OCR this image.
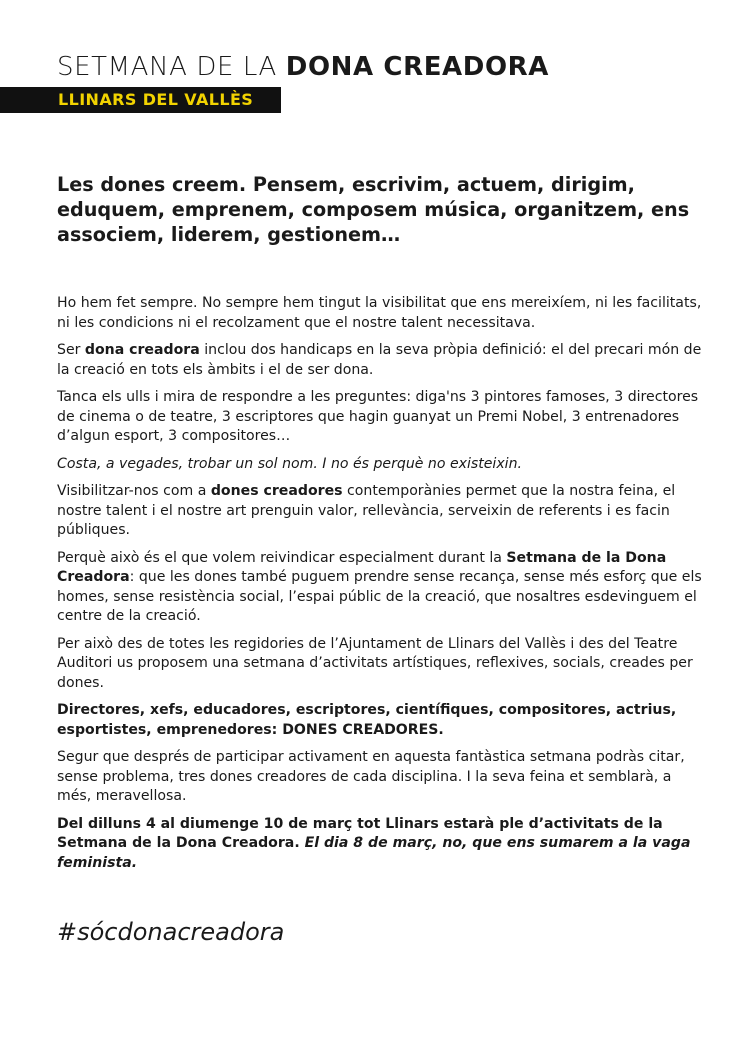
SETMANA DE LA DONA CREADORA
LLINARS DEL VALLÈS
Les dones creem. Pensem, escrivim, actuem, dirigim, eduquem, emprenem, composem música, organitzem, ens associem, liderem, gestionem…

Ho hem fet sempre. No sempre hem tingut la visibilitat que ens mereixíem, ni les facilitats, ni les condicions ni el recolzament que el nostre talent necessitava.

Ser dona creadora inclou dos handicaps en la seva pròpia definició: el del precari món de la creació en tots els àmbits i el de ser dona.

Tanca els ulls i mira de respondre a les preguntes: diga'ns 3 pintores famoses, 3 directores de cinema o de teatre, 3 escriptores que hagin guanyat un Premi Nobel, 3 entrenadores d’algun esport, 3 compositores…

Costa, a vegades, trobar un sol nom. I no és perquè no existeixin.

Visibilitzar-nos com a dones creadores contemporànies permet que la nostra feina, el nostre talent i el nostre art prenguin valor, rellevància, serveixin de referents i es facin públiques.

Perquè això és el que volem reivindicar especialment durant la Setmana de la Dona Creadora: que les dones també puguem prendre sense recança, sense més esforç que els homes, sense resistència social, l’espai públic de la creació, que nosaltres esdevinguem el centre de la creació.

Per això des de totes les regidories de l’Ajuntament de Llinars del Vallès i des del Teatre Auditori us proposem una setmana d’activitats artístiques, reflexives, socials, creades per dones.

Directores, xefs, educadores, escriptores, científiques, compositores, actrius, esportistes, emprenedores: DONES CREADORES.

Segur que després de participar activament en aquesta fantàstica setmana podràs citar, sense problema, tres dones creadores de cada disciplina. I la seva feina et semblarà, a més, meravellosa.

Del dilluns 4 al diumenge 10 de març tot Llinars estarà ple d’activitats de la Setmana de la Dona Creadora. El dia 8 de març, no, que ens sumarem a la vaga feminista.

#sócdonacreadora
